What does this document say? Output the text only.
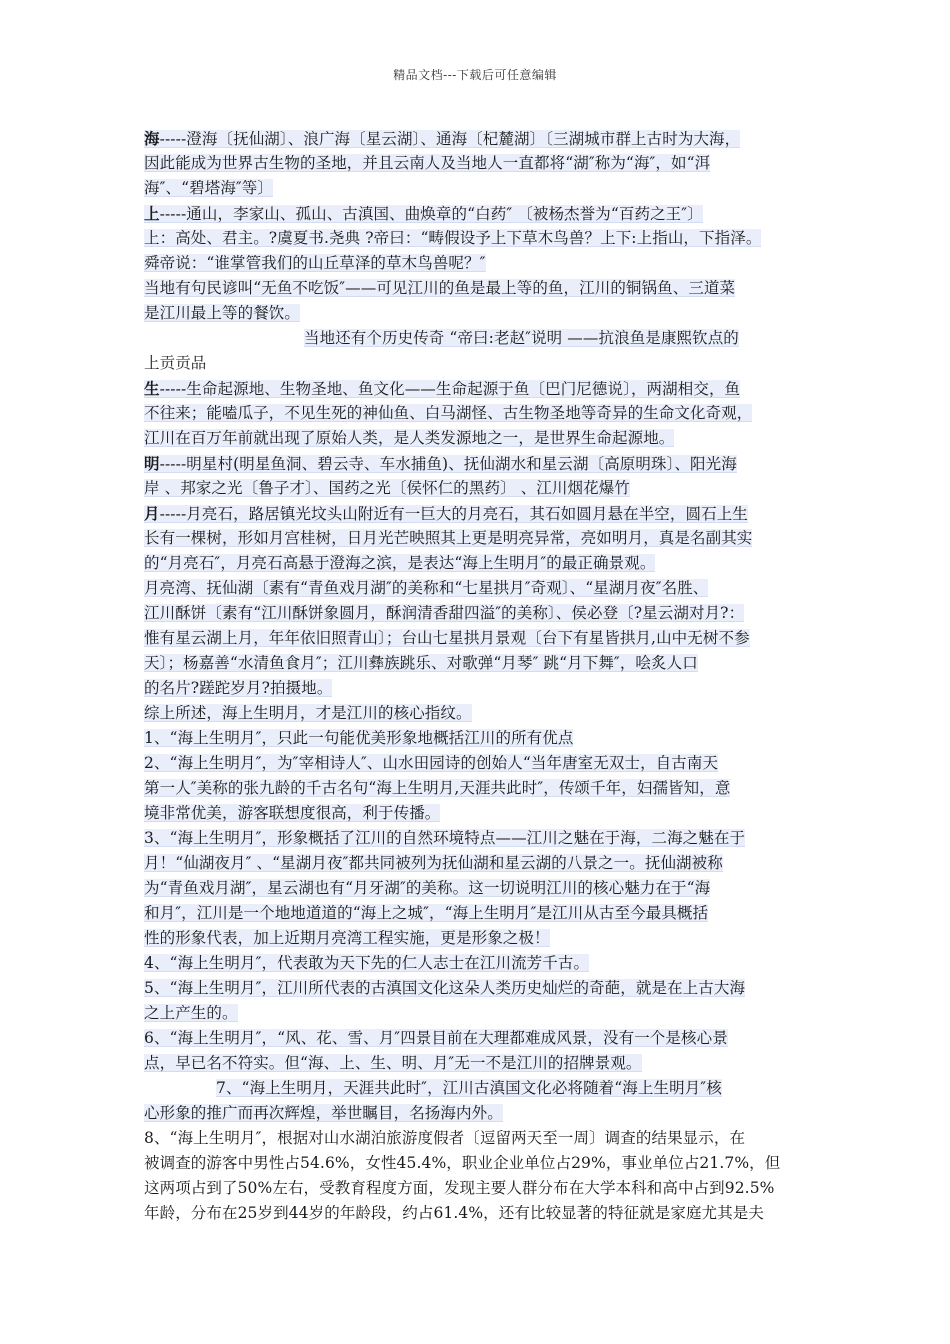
精品文档---下载后可任意编辑
海-----澄海〔抚仙湖〕、浪广海〔星云湖〕、通海〔杞麓湖〕〔三湖城市群上古时为大海，
因此能成为世界古生物的圣地，并且云南人及当地人一直都将“湖″称为“海″，如“洱
海″、“碧塔海″等〕
上-----通山，李家山、孤山、古滇国、曲焕章的“白药″ 〔被杨杰誉为“百药之王″〕
上：高处、君主。?虞夏书.尧典 ?帝曰：“畴假设予上下草木鸟兽？上下:上指山，下指泽。
舜帝说：“谁掌管我们的山丘草泽的草木鸟兽呢？″
当地有句民谚叫“无鱼不吃饭″——可见江川的鱼是最上等的鱼，江川的铜锅鱼、三道菜
是江川最上等的餐饮。
当地还有个历史传奇 “帝曰:老赵″说明 ——抗浪鱼是康熙钦点的
上贡贡品
生-----生命起源地、生物圣地、鱼文化——生命起源于鱼〔巴门尼德说〕，两湖相交，鱼
不往来；能嗑瓜子，不见生死的神仙鱼、白马湖怪、古生物圣地等奇异的生命文化奇观，
江川在百万年前就出现了原始人类，是人类发源地之一，是世界生命起源地。
明-----明星村(明星鱼洞、碧云寺、车水捕鱼)、抚仙湖水和星云湖〔高原明珠〕、阳光海
岸 、邦家之光〔鲁子才〕、国药之光〔侯怀仁的黑药〕 、江川烟花爆竹
月-----月亮石，路居镇光坟头山附近有一巨大的月亮石，其石如圆月悬在半空，圆石上生
长有一棵树，形如月宫桂树，日月光芒映照其上更是明亮异常，亮如明月，真是名副其实
的“月亮石″，月亮石高悬于澄海之滨，是表达“海上生明月″的最正确景观。
月亮湾、抚仙湖〔素有“青鱼戏月湖″的美称和“七星拱月″奇观〕、“星湖月夜″名胜、
江川酥饼〔素有“江川酥饼象圆月，酥润清香甜四溢″的美称〕、侯必登〔?星云湖对月?：
惟有星云湖上月，年年依旧照青山〕；台山七星拱月景观〔台下有星皆拱月,山中无树不参
天〕；杨嘉善“水清鱼食月″；江川彝族跳乐、对歌弹“月琴″ 跳“月下舞″，哙炙人口
的名片?蹉跎岁月?拍摄地。
综上所述，海上生明月，才是江川的核心指纹。
1、“海上生明月″，只此一句能优美形象地概括江川的所有优点
2、“海上生明月″，为″宰相诗人″、山水田园诗的创始人“当年唐室无双士，自古南天
第一人″美称的张九龄的千古名句“海上生明月,天涯共此时″，传颂千年，妇孺皆知，意
境非常优美，游客联想度很高，利于传播。
3、“海上生明月″，形象概括了江川的自然环境特点——江川之魅在于海，二海之魅在于
月！“仙湖夜月″ 、“星湖月夜″都共同被列为抚仙湖和星云湖的八景之一。抚仙湖被称
为“青鱼戏月湖″，星云湖也有“月牙湖″的美称。这一切说明江川的核心魅力在于“海
和月″，江川是一个地地道道的“海上之城″，“海上生明月″是江川从古至今最具概括
性的形象代表，加上近期月亮湾工程实施，更是形象之极！
4、“海上生明月″，代表敢为天下先的仁人志士在江川流芳千古。
5、“海上生明月″，江川所代表的古滇国文化这朵人类历史灿烂的奇葩，就是在上古大海
之上产生的。
6、“海上生明月″，“风、花、雪、月″四景目前在大理都难成风景，没有一个是核心景
点，早已名不符实。但“海、上、生、明、月″无一不是江川的招牌景观。
7、“海上生明月，天涯共此时″，江川古滇国文化必将随着“海上生明月″核
心形象的推广而再次辉煌，举世瞩目，名扬海内外。
8、“海上生明月″，根据对山水湖泊旅游度假者〔逗留两天至一周〕调查的结果显示，在
被调查的游客中男性占54.6%，女性45.4%，职业企业单位占29%，事业单位占21.7%，但
这两项占到了50%左右，受教育程度方面，发现主要人群分布在大学本科和高中占到92.5%
年龄，分布在25岁到44岁的年龄段，约占61.4%，还有比较显著的特征就是家庭尤其是夫
